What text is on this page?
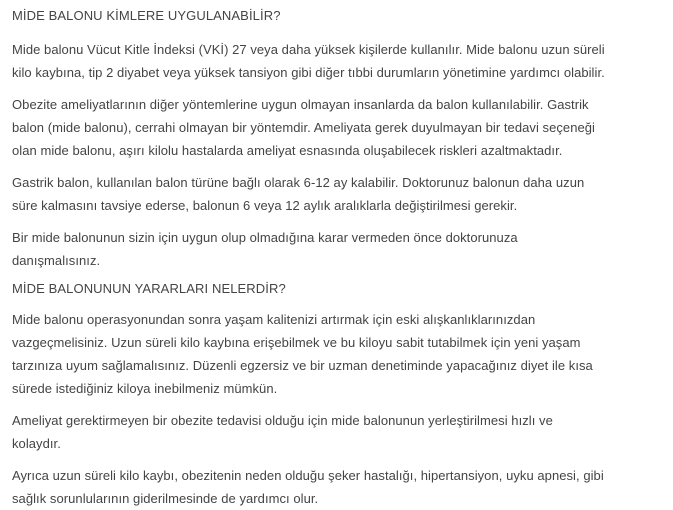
MİDE BALONU KİMLERE UYGULANABİLİR?

Mide balonu Vücut Kitle İndeksi (VKİ) 27 veya daha yüksek kişilerde kullanılır. Mide balonu uzun süreli
kilo kaybına, tip 2 diyabet veya yüksek tansiyon gibi diğer tıbbi durumların yönetimine yardımcı olabilir.

Obezite ameliyatlarının diğer yöntemlerine uygun olmayan insanlarda da balon kullanılabilir. Gastrik
balon (mide balonu), cerrahi olmayan bir yöntemdir. Ameliyata gerek duyulmayan bir tedavi seçeneği
olan mide balonu, aşırı kilolu hastalarda ameliyat esnasında oluşabilecek riskleri azaltmaktadır.

Gastrik balon, kullanılan balon türüne bağlı olarak 6-12 ay kalabilir. Doktorunuz balonun daha uzun
süre kalmasını tavsiye ederse, balonun 6 veya 12 aylık aralıklarla değiştirilmesi gerekir.

Bir mide balonunun sizin için uygun olup olmadığına karar vermeden önce doktorunuza
danışmalısınız.

MİDE BALONUNUN YARARLARI NELERDİR?

Mide balonu operasyonundan sonra yaşam kalitenizi artırmak için eski alışkanlıklarınızdan
vazgeçmelisiniz. Uzun süreli kilo kaybına erişebilmek ve bu kiloyu sabit tutabilmek için yeni yaşam
tarzınıza uyum sağlamalısınız. Düzenli egzersiz ve bir uzman denetiminde yapacağınız diyet ile kısa
sürede istediğiniz kiloya inebilmeniz mümkün.

Ameliyat gerektirmeyen bir obezite tedavisi olduğu için mide balonunun yerleştirilmesi hızlı ve
kolaydır.

Ayrıca uzun süreli kilo kaybı, obezitenin neden olduğu şeker hastalığı, hipertansiyon, uyku apnesi, gibi
sağlık sorunlularının giderilmesinde de yardımcı olur.
